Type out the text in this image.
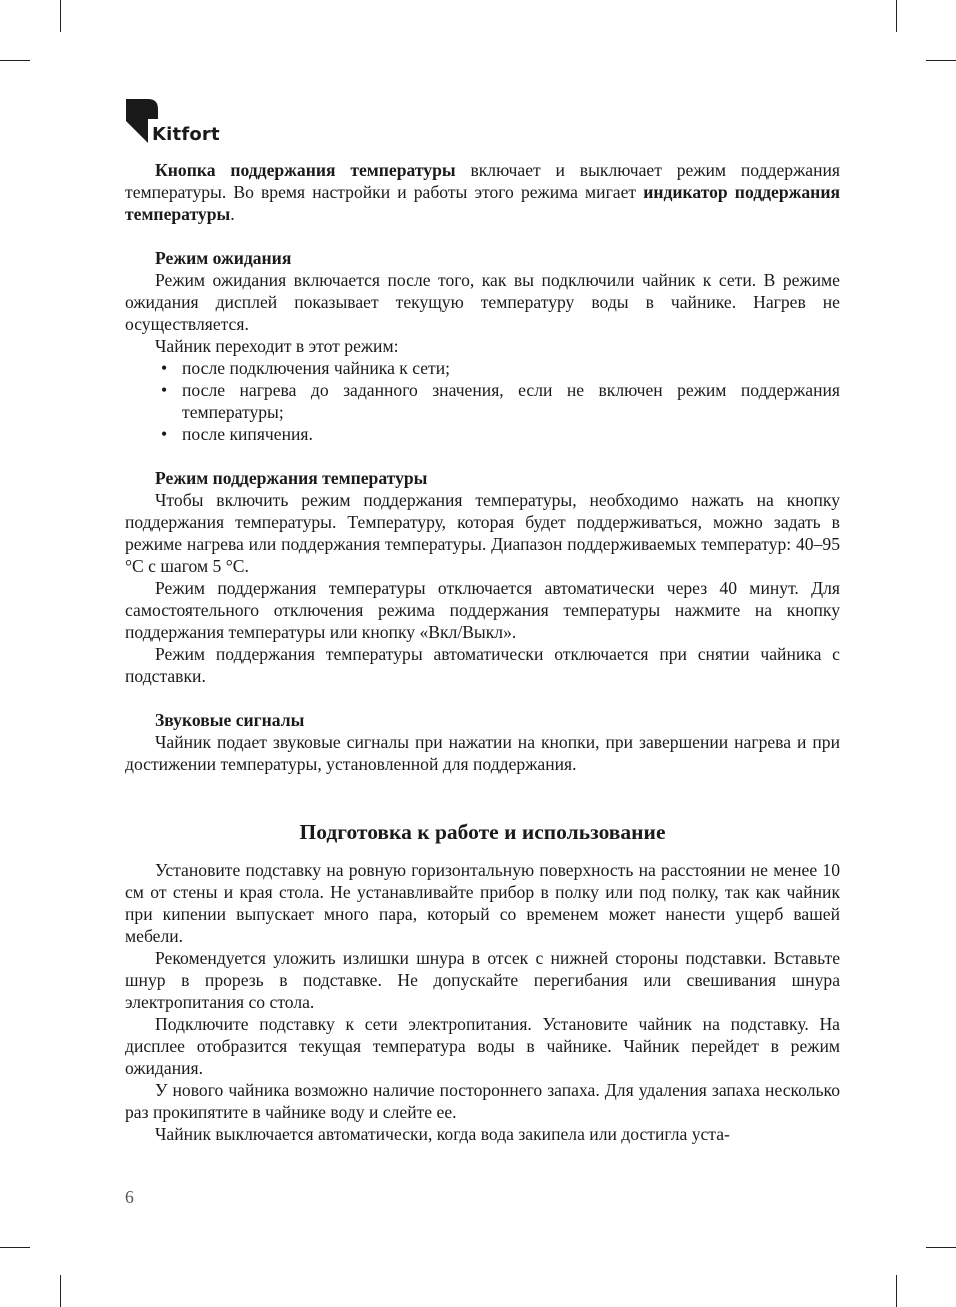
Kitfort

Кнопка поддержания температуры включает и выключает режим поддержания температуры. Во время настройки и работы этого режима мигает индикатор поддержания температуры.

Режим ожидания

Режим ожидания включается после того, как вы подключили чайник к сети. В режиме ожидания дисплей показывает текущую температуру воды в чайнике. Нагрев не осуществляется.

Чайник переходит в этот режим:

• после подключения чайника к сети;
• после нагрева до заданного значения, если не включен режим поддержания температуры;
• после кипячения.
Режим поддержания температуры

Чтобы включить режим поддержания температуры, необходимо нажать на кнопку поддержания температуры. Температуру, которая будет поддерживаться, можно задать в режиме нагрева или поддержания температуры. Диапазон поддерживаемых температур: 40–95 °С с шагом 5 °С.

Режим поддержания температуры отключается автоматически через 40 минут. Для самостоятельного отключения режима поддержания температуры нажмите на кнопку поддержания температуры или кнопку «Вкл/Выкл».

Режим поддержания температуры автоматически отключается при снятии чайника с подставки.

Звуковые сигналы

Чайник подает звуковые сигналы при нажатии на кнопки, при завершении нагрева и при достижении температуры, установленной для поддержания.

Подготовка к работе и использование

Установите подставку на ровную горизонтальную поверхность на расстоянии не менее 10 см от стены и края стола. Не устанавливайте прибор в полку или под полку, так как чайник при кипении выпускает много пара, который со временем может нанести ущерб вашей мебели.

Рекомендуется уложить излишки шнура в отсек с нижней стороны подставки. Вставьте шнур в прорезь в подставке. Не допускайте перегибания или свешивания шнура электропитания со стола.

Подключите подставку к сети электропитания. Установите чайник на подставку. На дисплее отобразится текущая температура воды в чайнике. Чайник перейдет в режим ожидания.

У нового чайника возможно наличие постороннего запаха. Для удаления запаха несколько раз прокипятите в чайнике воду и слейте ее.

Чайник выключается автоматически, когда вода закипела или достигла уста-

6
